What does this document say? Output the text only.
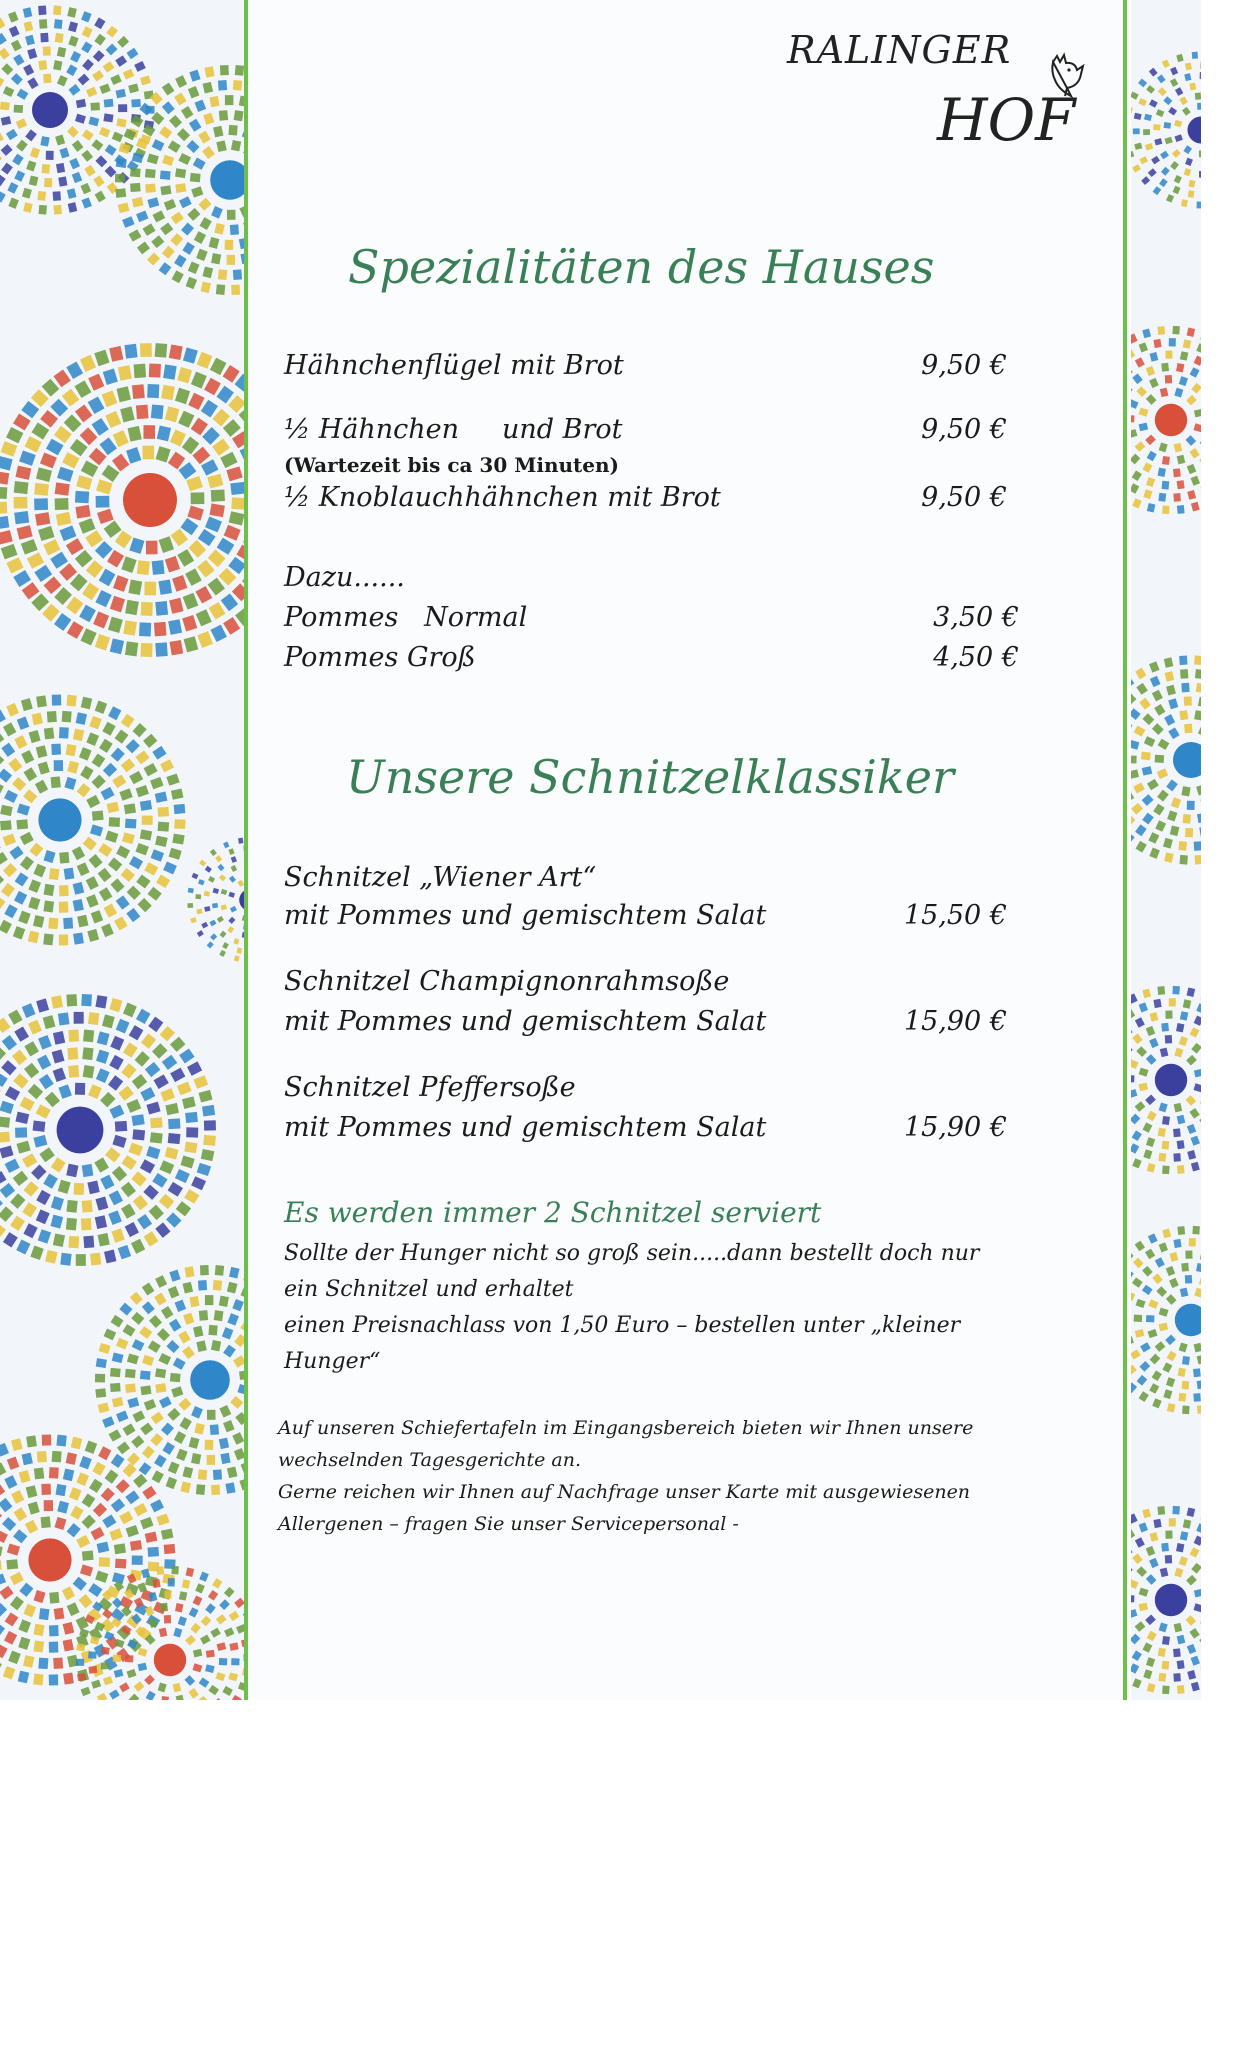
RALINGER
HOF
Spezialitäten des Hauses
Hähnchenflügel mit Brot	9,50 €
½ Hähnchen     und Brot	9,50 €
(Wartezeit bis ca 30 Minuten)
½ Knoblauchhähnchen mit Brot	9,50 €
Dazu......
Pommes   Normal	3,50 €
Pommes Groß	4,50 €
Unsere Schnitzelklassiker
Schnitzel „Wiener Art“
mit Pommes und gemischtem Salat	15,50 €
Schnitzel Champignonrahmsoße
mit Pommes und gemischtem Salat	15,90 €
Schnitzel Pfeffersoße
mit Pommes und gemischtem Salat	15,90 €
Es werden immer 2 Schnitzel serviert
Sollte der Hunger nicht so groß sein.....dann bestellt doch nur
ein Schnitzel und erhaltet
einen Preisnachlass von 1,50 Euro – bestellen unter „kleiner
Hunger“
Auf unseren Schiefertafeln im Eingangsbereich bieten wir Ihnen unsere
wechselnden Tagesgerichte an.
Gerne reichen wir Ihnen auf Nachfrage unser Karte mit ausgewiesenen
Allergenen – fragen Sie unser Servicepersonal -
